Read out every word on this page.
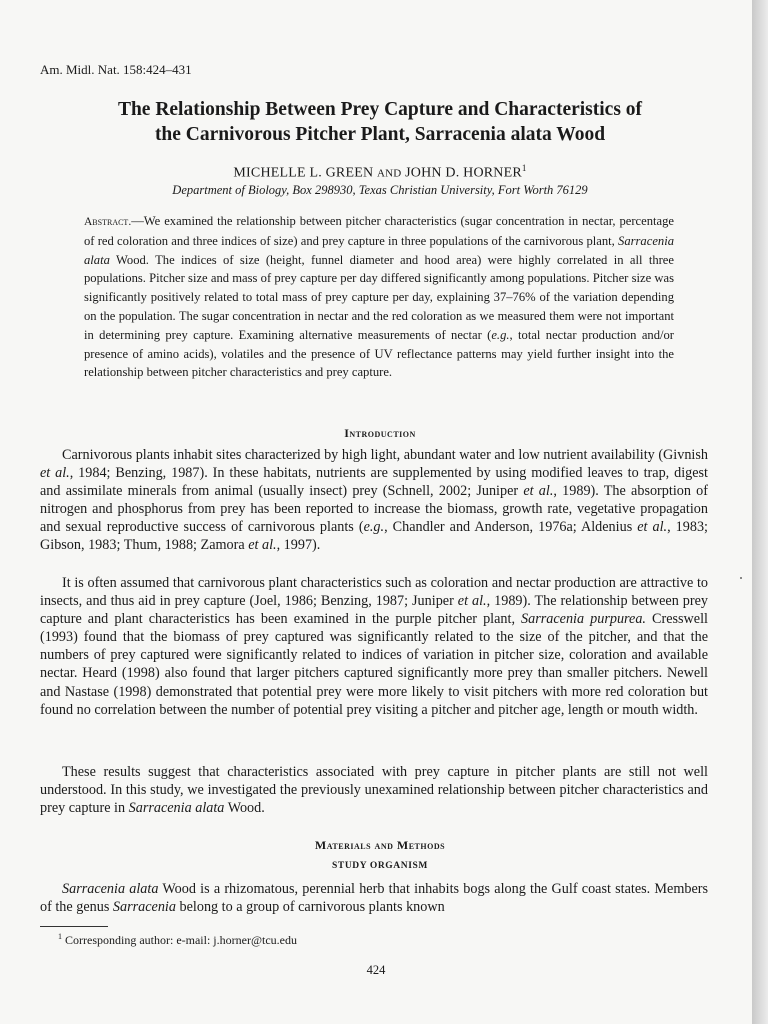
Am. Midl. Nat. 158:424–431
The Relationship Between Prey Capture and Characteristics of
the Carnivorous Pitcher Plant, Sarracenia alata Wood
MICHELLE L. GREEN AND JOHN D. HORNER$^1$
Department of Biology, Box 298930, Texas Christian University, Fort Worth 76129

Abstract.—We examined the relationship between pitcher characteristics (sugar concentration in nectar, percentage of red coloration and three indices of size) and prey capture in three populations of the carnivorous plant, Sarracenia alata Wood. The indices of size (height, funnel diameter and hood area) were highly correlated in all three populations. Pitcher size and mass of prey capture per day differed significantly among populations. Pitcher size was significantly positively related to total mass of prey capture per day, explaining 37–76% of the variation depending on the population. The sugar concentration in nectar and the red coloration as we measured them were not important in determining prey capture. Examining alternative measurements of nectar (e.g., total nectar production and/or presence of amino acids), volatiles and the presence of UV reflectance patterns may yield further insight into the relationship between pitcher characteristics and prey capture.

Introduction

Carnivorous plants inhabit sites characterized by high light, abundant water and low nutrient availability (Givnish et al., 1984; Benzing, 1987). In these habitats, nutrients are supplemented by using modified leaves to trap, digest and assimilate minerals from animal (usually insect) prey (Schnell, 2002; Juniper et al., 1989). The absorption of nitrogen and phosphorus from prey has been reported to increase the biomass, growth rate, vegetative propagation and sexual reproductive success of carnivorous plants (e.g., Chandler and Anderson, 1976a; Aldenius et al., 1983; Gibson, 1983; Thum, 1988; Zamora et al., 1997).

It is often assumed that carnivorous plant characteristics such as coloration and nectar production are attractive to insects, and thus aid in prey capture (Joel, 1986; Benzing, 1987; Juniper et al., 1989). The relationship between prey capture and plant characteristics has been examined in the purple pitcher plant, Sarracenia purpurea. Cresswell (1993) found that the biomass of prey captured was significantly related to the size of the pitcher, and that the numbers of prey captured were significantly related to indices of variation in pitcher size, coloration and available nectar. Heard (1998) also found that larger pitchers captured significantly more prey than smaller pitchers. Newell and Nastase (1998) demonstrated that potential prey were more likely to visit pitchers with more red coloration but found no correlation between the number of potential prey visiting a pitcher and pitcher age, length or mouth width.

These results suggest that characteristics associated with prey capture in pitcher plants are still not well understood. In this study, we investigated the previously unexamined relationship between pitcher characteristics and prey capture in Sarracenia alata Wood.

Materials and Methods
STUDY ORGANISM

Sarracenia alata Wood is a rhizomatous, perennial herb that inhabits bogs along the Gulf coast states. Members of the genus Sarracenia belong to a group of carnivorous plants known

$^1$ Corresponding author: e-mail: j.horner@tcu.edu
424
